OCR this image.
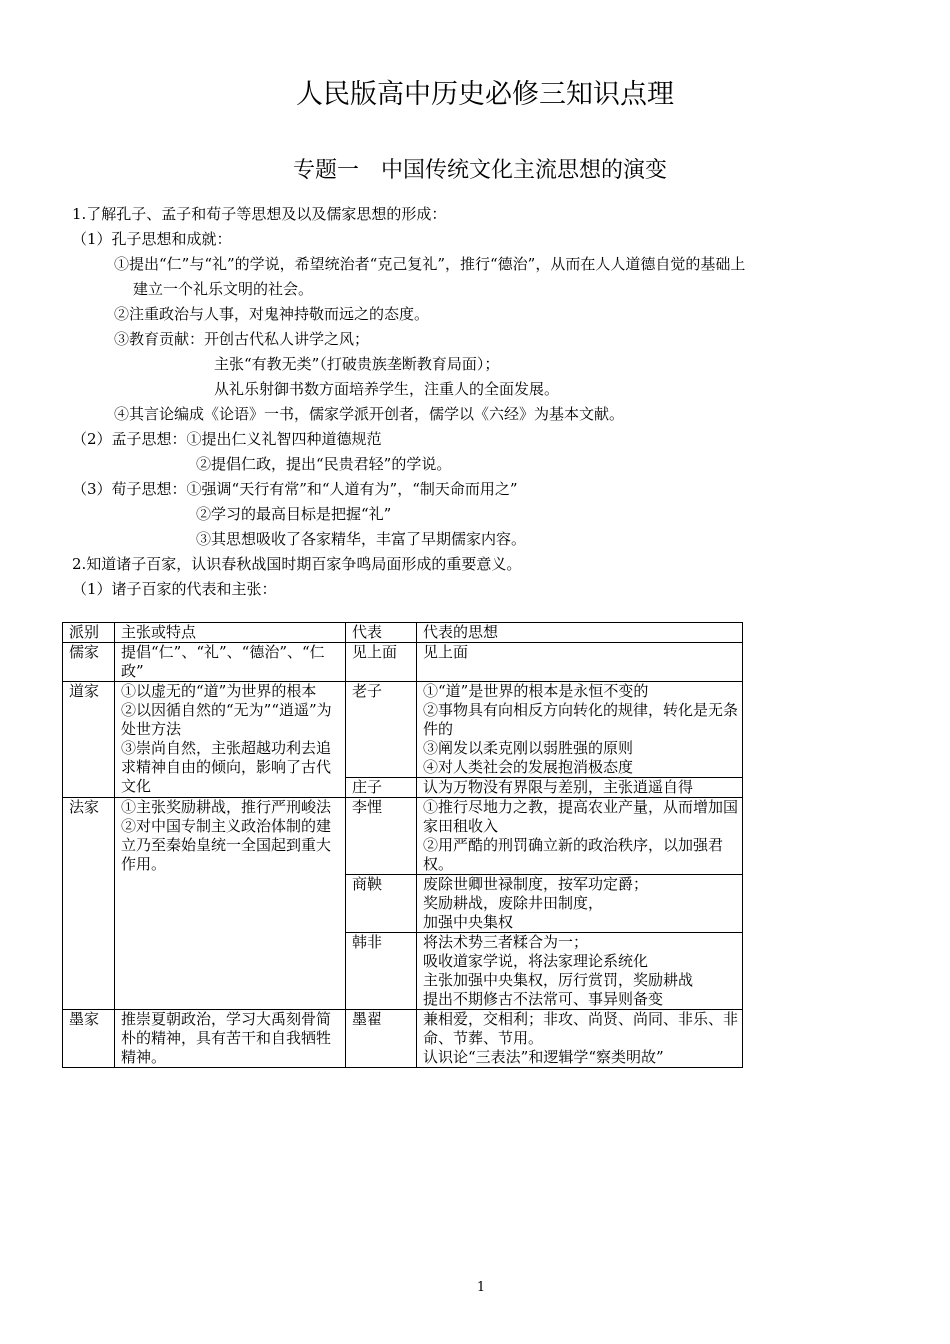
人民版高中历史必修三知识点理
专题一　中国传统文化主流思想的演变
1.了解孔子、孟子和荀子等思想及以及儒家思想的形成：
（1）孔子思想和成就：
①提出“仁”与“礼”的学说，希望统治者“克己复礼”，推行“德治”，从而在人人道德自觉的基础上
建立一个礼乐文明的社会。
②注重政治与人事，对鬼神持敬而远之的态度。
③教育贡献：开创古代私人讲学之风；
主张“有教无类”（打破贵族垄断教育局面）；
从礼乐射御书数方面培养学生，注重人的全面发展。
④其言论编成《论语》一书，儒家学派开创者，儒学以《六经》为基本文献。
（2）孟子思想：①提出仁义礼智四种道德规范
②提倡仁政，提出“民贵君轻”的学说。
（3）荀子思想：①强调“天行有常”和“人道有为”，“制天命而用之”
②学习的最高目标是把握“礼”
③其思想吸收了各家精华，丰富了早期儒家内容。
2.知道诸子百家，认识春秋战国时期百家争鸣局面形成的重要意义。
（1）诸子百家的代表和主张：
派别	主张或特点	代表	代表的思想
儒家	提倡“仁”、“礼”、“德治”、“仁政”	见上面	见上面
道家	①以虚无的“道”为世界的根本
②以因循自然的“无为”“逍遥”为处世方法
③崇尚自然，主张超越功利去追求精神自由的倾向，影响了古代文化	老子	①“道”是世界的根本是永恒不变的
②事物具有向相反方向转化的规律，转化是无条件的
③阐发以柔克刚以弱胜强的原则
④对人类社会的发展抱消极态度
		庄子	认为万物没有界限与差别，主张逍遥自得
法家	①主张奖励耕战，推行严刑峻法
②对中国专制主义政治体制的建立乃至秦始皇统一全国起到重大作用。	李悝	①推行尽地力之教，提高农业产量，从而增加国家田租收入
②用严酷的刑罚确立新的政治秩序，以加强君权。
		商鞅	废除世卿世禄制度，按军功定爵；
奖励耕战，废除井田制度，
加强中央集权
		韩非	将法术势三者糅合为一；
吸收道家学说，将法家理论系统化
主张加强中央集权，厉行赏罚，奖励耕战
提出不期修古不法常可、事异则备变
墨家	推崇夏朝政治，学习大禹刻骨简朴的精神，具有苦干和自我牺牲精神。	墨翟	兼相爱，交相利；非攻、尚贤、尚同、非乐、非命、节葬、节用。
认识论“三表法”和逻辑学“察类明故”
1
